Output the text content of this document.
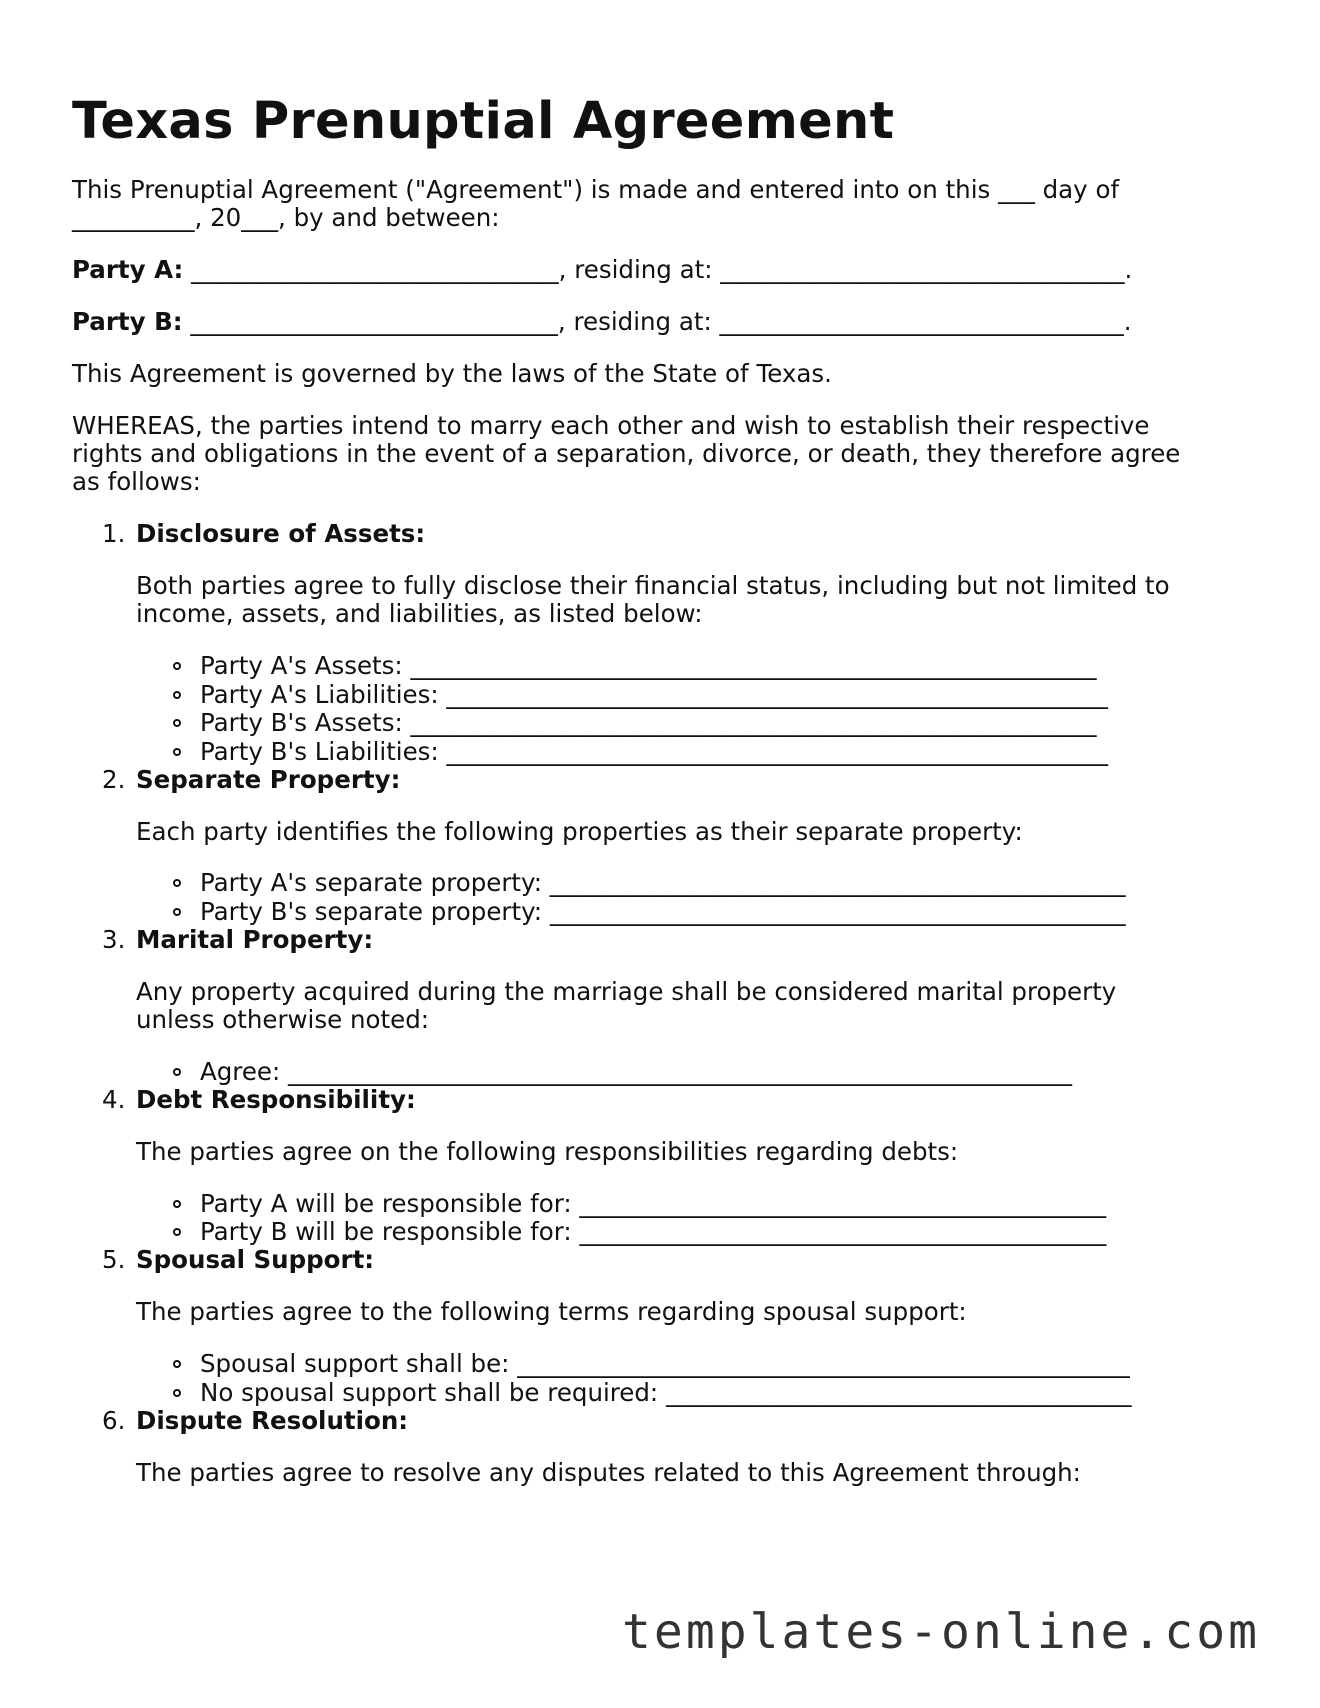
Texas Prenuptial Agreement
This Prenuptial Agreement ("Agreement") is made and entered into on this ___ day of
__________, 20___, by and between:
Party A: ______________________________, residing at: _________________________________.
Party B: ______________________________, residing at: _________________________________.
This Agreement is governed by the laws of the State of Texas.
WHEREAS, the parties intend to marry each other and wish to establish their respective
rights and obligations in the event of a separation, divorce, or death, they therefore agree
as follows:
1. Disclosure of Assets:
Both parties agree to fully disclose their financial status, including but not limited to
income, assets, and liabilities, as listed below:
Party A's Assets: ________________________________________________________
Party A's Liabilities: ______________________________________________________
Party B's Assets: ________________________________________________________
Party B's Liabilities: ______________________________________________________
2. Separate Property:
Each party identifies the following properties as their separate property:
Party A's separate property: _______________________________________________
Party B's separate property: _______________________________________________
3. Marital Property:
Any property acquired during the marriage shall be considered marital property
unless otherwise noted:
Agree: ________________________________________________________________
4. Debt Responsibility:
The parties agree on the following responsibilities regarding debts:
Party A will be responsible for: ___________________________________________
Party B will be responsible for: ___________________________________________
5. Spousal Support:
The parties agree to the following terms regarding spousal support:
Spousal support shall be: __________________________________________________
No spousal support shall be required: ______________________________________
6. Dispute Resolution:
The parties agree to resolve any disputes related to this Agreement through:
templates-online.com
